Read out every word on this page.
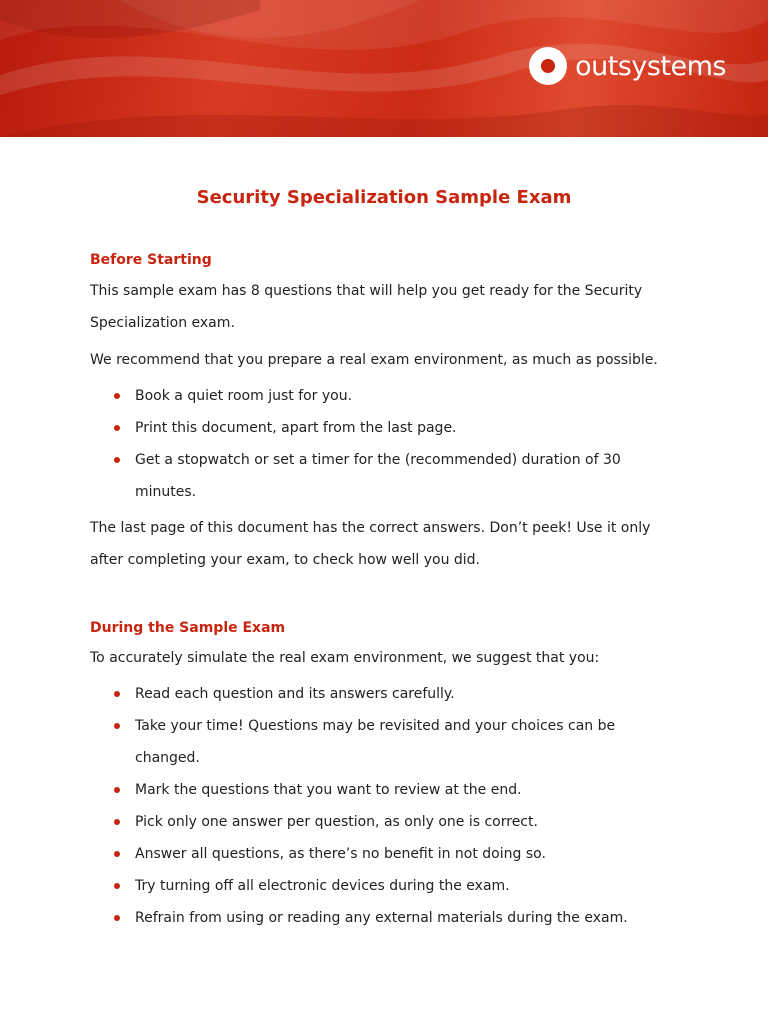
outsystems
Security Specialization Sample Exam
Before Starting

This sample exam has 8 questions that will help you get ready for the Security Specialization exam.

We recommend that you prepare a real exam environment, as much as possible.

Book a quiet room just for you.
Print this document, apart from the last page.
Get a stopwatch or set a timer for the (recommended) duration of 30 minutes.

The last page of this document has the correct answers. Don’t peek! Use it only after completing your exam, to check how well you did.

During the Sample Exam

To accurately simulate the real exam environment, we suggest that you:

Read each question and its answers carefully.
Take your time! Questions may be revisited and your choices can be changed.
Mark the questions that you want to review at the end.
Pick only one answer per question, as only one is correct.
Answer all questions, as there’s no benefit in not doing so.
Try turning off all electronic devices during the exam.
Refrain from using or reading any external materials during the exam.
